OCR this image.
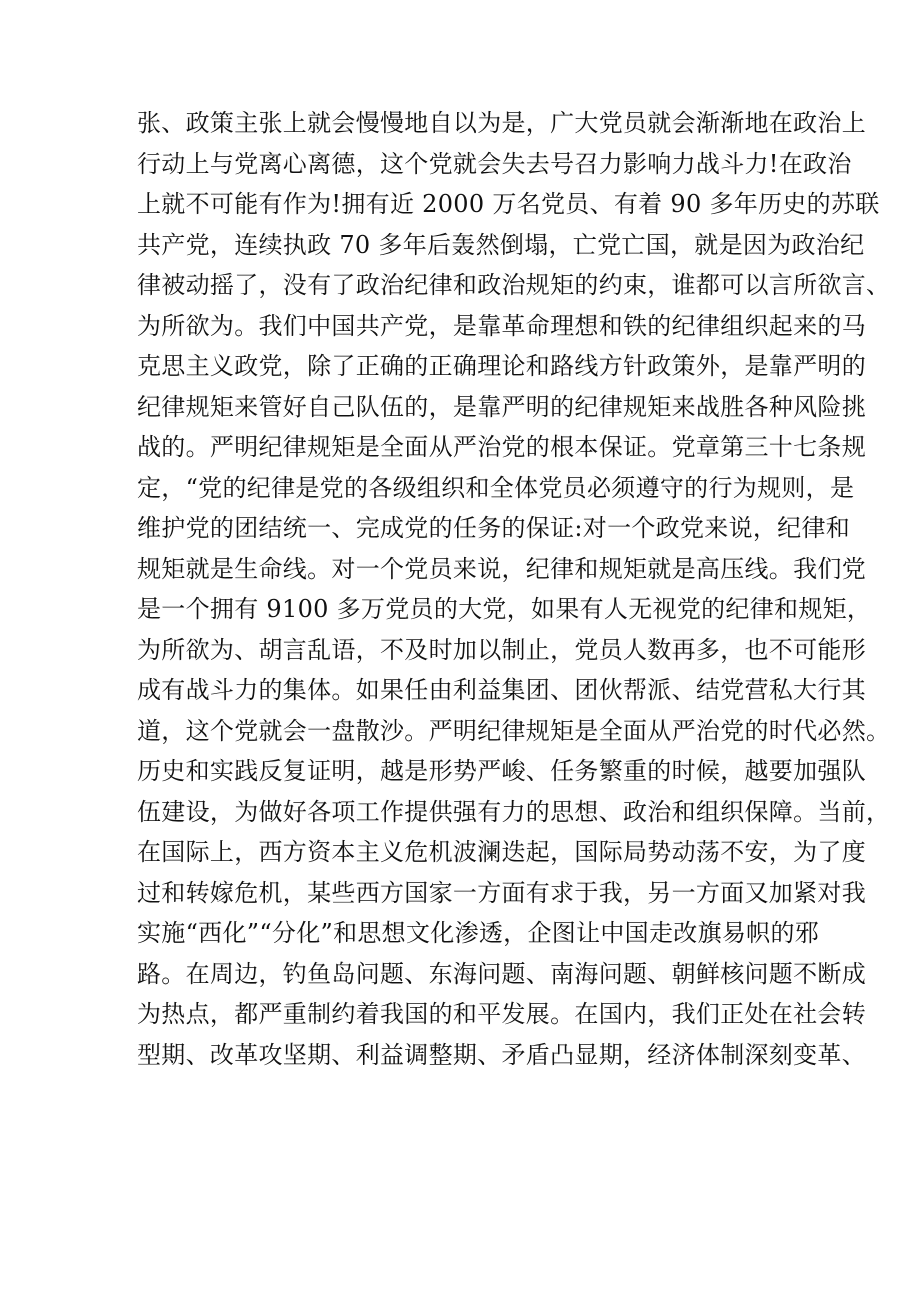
张、政策主张上就会慢慢地自以为是，广大党员就会渐渐地在政治上
行动上与党离心离德，这个党就会失去号召力影响力战斗力!在政治
上就不可能有作为!拥有近 2000 万名党员、有着 90 多年历史的苏联
共产党，连续执政 70 多年后轰然倒塌，亡党亡国，就是因为政治纪
律被动摇了，没有了政治纪律和政治规矩的约束，谁都可以言所欲言、
为所欲为。我们中国共产党，是靠革命理想和铁的纪律组织起来的马
克思主义政党，除了正确的正确理论和路线方针政策外，是靠严明的
纪律规矩来管好自己队伍的，是靠严明的纪律规矩来战胜各种风险挑
战的。严明纪律规矩是全面从严治党的根本保证。党章第三十七条规
定，“党的纪律是党的各级组织和全体党员必须遵守的行为规则，是
维护党的团结统一、完成党的任务的保证:对一个政党来说，纪律和
规矩就是生命线。对一个党员来说，纪律和规矩就是高压线。我们党
是一个拥有 9100 多万党员的大党，如果有人无视党的纪律和规矩，
为所欲为、胡言乱语，不及时加以制止，党员人数再多，也不可能形
成有战斗力的集体。如果任由利益集团、团伙帮派、结党营私大行其
道，这个党就会一盘散沙。严明纪律规矩是全面从严治党的时代必然。
历史和实践反复证明，越是形势严峻、任务繁重的时候，越要加强队
伍建设，为做好各项工作提供强有力的思想、政治和组织保障。当前，
在国际上，西方资本主义危机波澜迭起，国际局势动荡不安，为了度
过和转嫁危机，某些西方国家一方面有求于我，另一方面又加紧对我
实施“西化”“分化”和思想文化渗透，企图让中国走改旗易帜的邪
路。在周边，钓鱼岛问题、东海问题、南海问题、朝鲜核问题不断成
为热点，都严重制约着我国的和平发展。在国内，我们正处在社会转
型期、改革攻坚期、利益调整期、矛盾凸显期，经济体制深刻变革、
